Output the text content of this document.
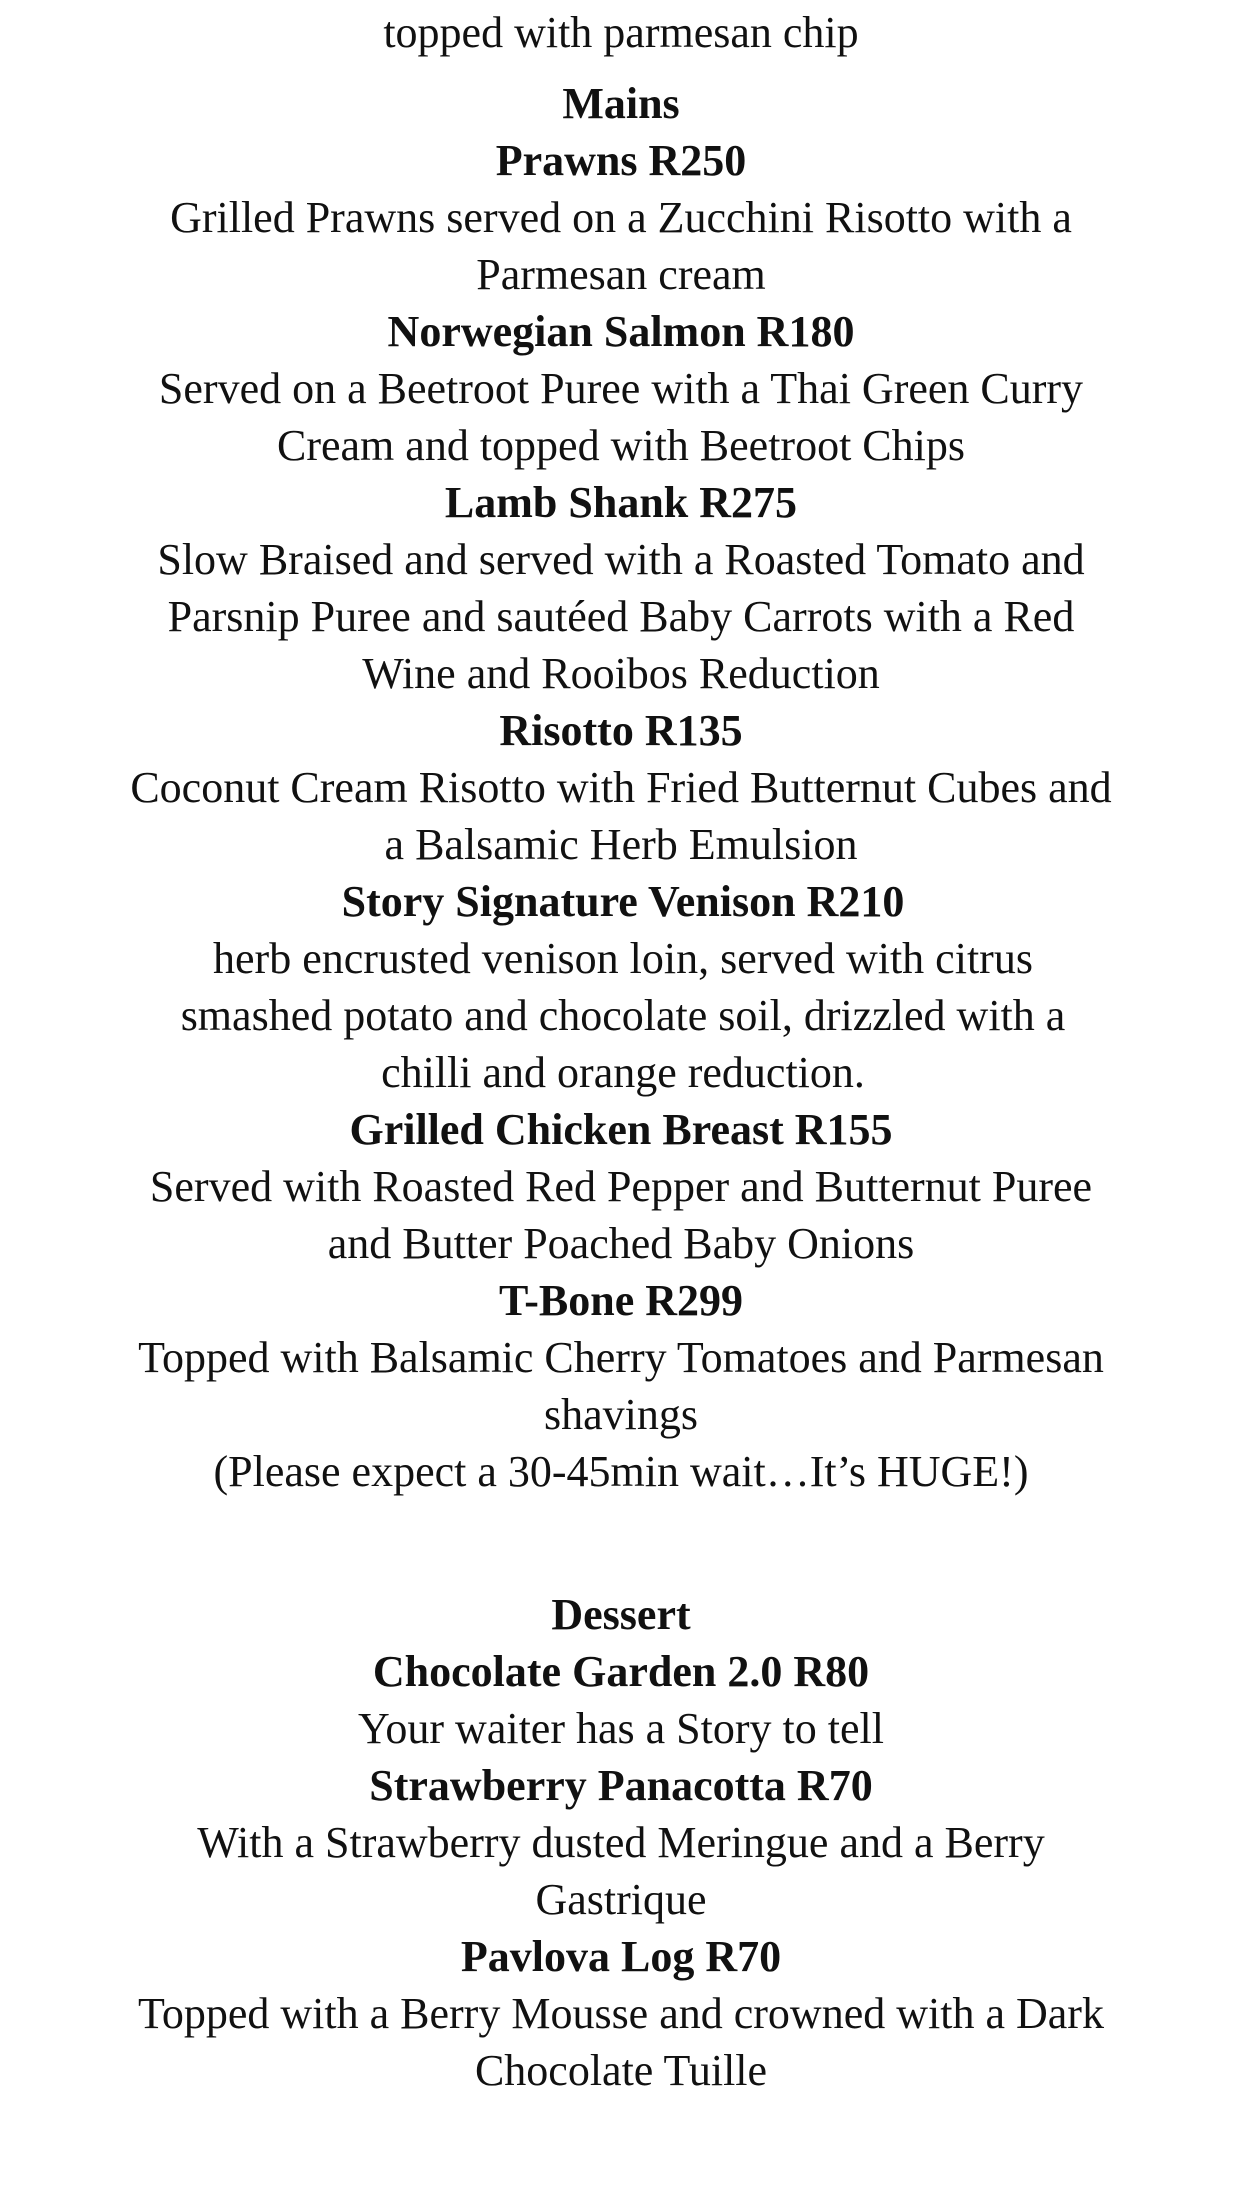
topped with parmesan chip

Mains

Prawns R250

Grilled Prawns served on a Zucchini Risotto with a

Parmesan cream

Norwegian Salmon R180

Served on a Beetroot Puree with a Thai Green Curry

Cream and topped with Beetroot Chips

Lamb Shank R275

Slow Braised and served with a Roasted Tomato and

Parsnip Puree and sautéed Baby Carrots with a Red

Wine and Rooibos Reduction

Risotto R135

Coconut Cream Risotto with Fried Butternut Cubes and

a Balsamic Herb Emulsion

Story Signature Venison R210

herb encrusted venison loin, served with citrus

smashed potato and chocolate soil, drizzled with a

chilli and orange reduction.

Grilled Chicken Breast R155

Served with Roasted Red Pepper and Butternut Puree

and Butter Poached Baby Onions

T-Bone R299

Topped with Balsamic Cherry Tomatoes and Parmesan

shavings

(Please expect a 30-45min wait…It’s HUGE!)

Dessert

Chocolate Garden 2.0 R80

Your waiter has a Story to tell

Strawberry Panacotta R70

With a Strawberry dusted Meringue and a Berry

Gastrique

Pavlova Log R70

Topped with a Berry Mousse and crowned with a Dark

Chocolate Tuille
